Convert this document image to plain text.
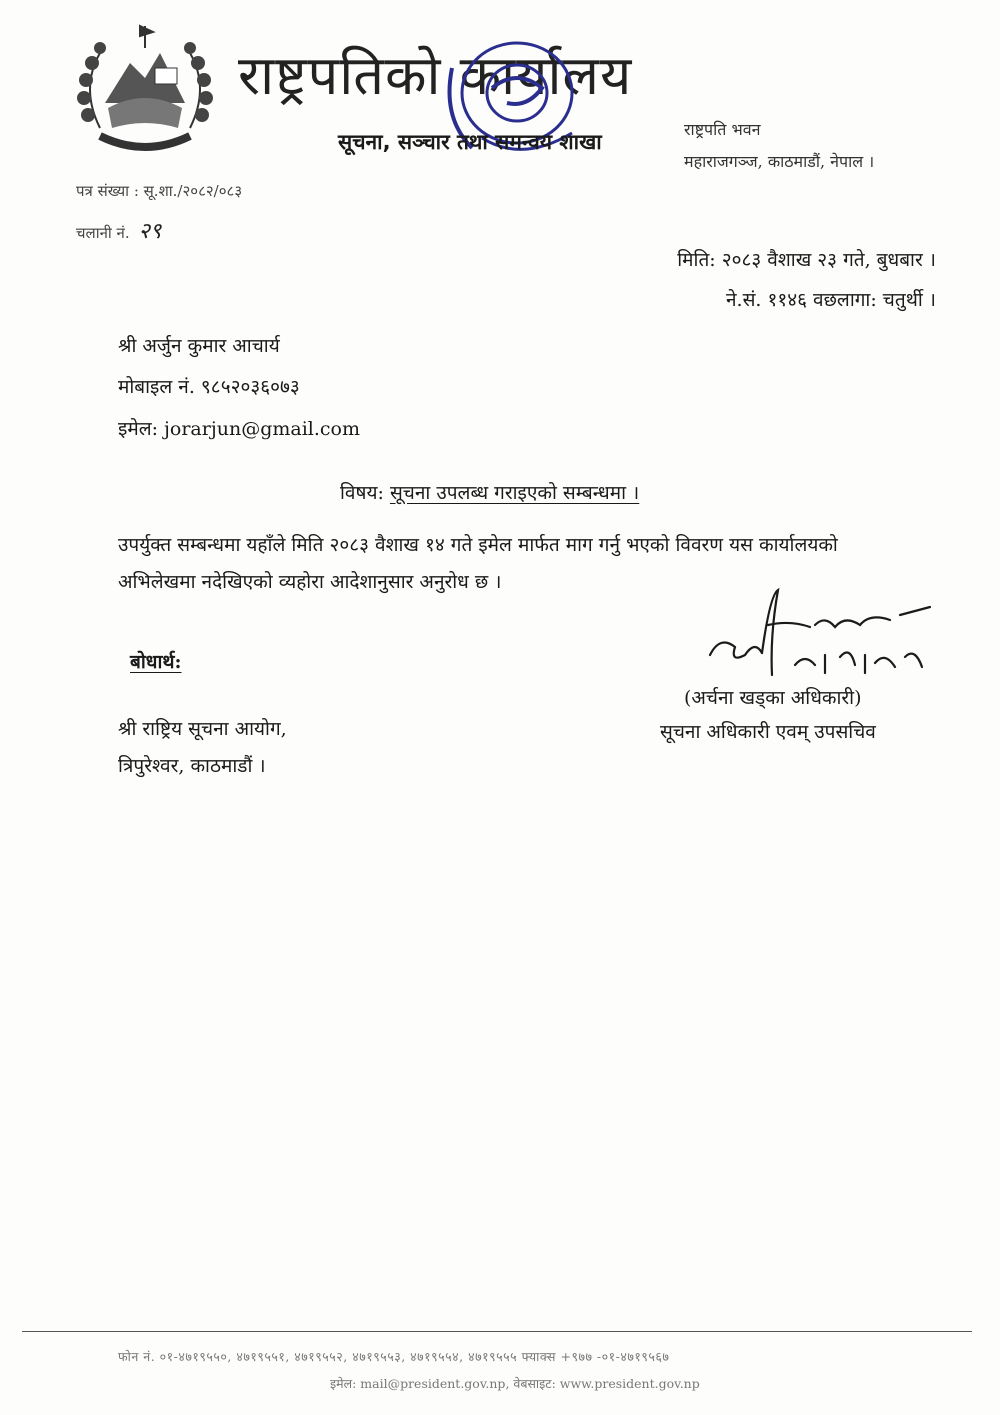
राष्ट्रपतिको कार्यालय
सूचना, सञ्चार तथा समन्वय शाखा
राष्ट्रपति भवन
महाराजगञ्ज, काठमाडौं, नेपाल ।
पत्र संख्या : सू.शा./२०८२/०८३
चलानी नं. २९
मिति: २०८३ वैशाख २३ गते, बुधबार ।
ने.सं. ११४६ वछलागा: चतुर्थी ।
श्री अर्जुन कुमार आचार्य
मोबाइल नं. ९८५२०३६०७३
इमेल: jorarjun@gmail.com
विषय: सूचना उपलब्ध गराइएको सम्बन्धमा ।
उपर्युक्त सम्बन्धमा यहाँले मिति २०८३ वैशाख १४ गते इमेल मार्फत माग गर्नु भएको विवरण यस कार्यालयको
अभिलेखमा नदेखिएको व्यहोरा आदेशानुसार अनुरोध छ ।
(अर्चना खड्का अधिकारी)
सूचना अधिकारी एवम् उपसचिव
बोधार्थ:
श्री राष्ट्रिय सूचना आयोग,
त्रिपुरेश्वर, काठमाडौं ।
फोन नं. ०१-४७१९५५०, ४७१९५५१, ४७१९५५२, ४७१९५५३, ४७१९५५४, ४७१९५५५ फ्याक्स +९७७ -०१-४७१९५६७
इमेल: mail@president.gov.np, वेबसाइट: www.president.gov.np
